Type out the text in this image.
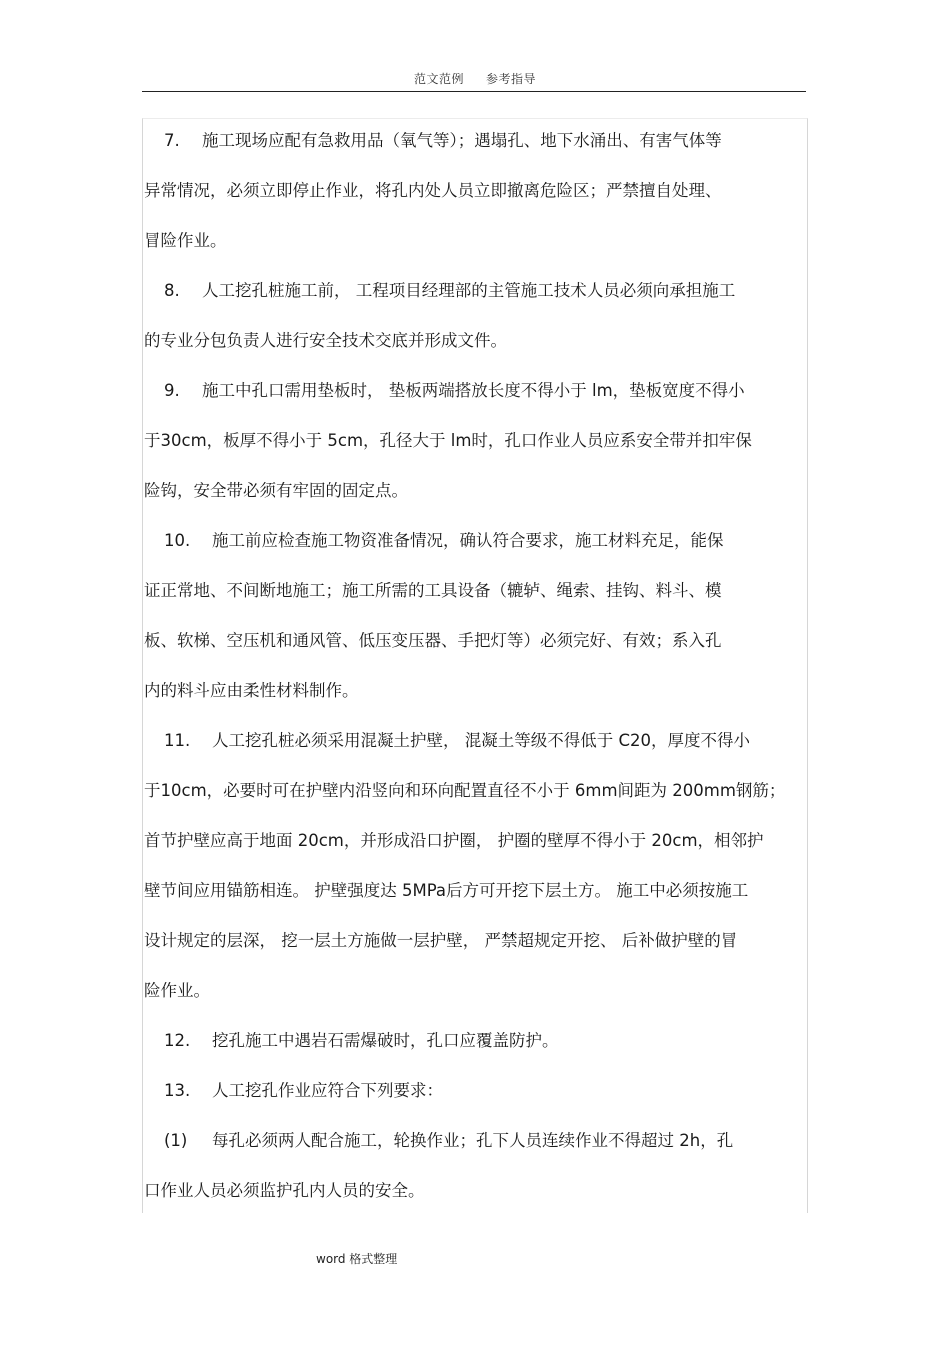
范文范例 参考指导
7. 施工现场应配有急救用品（氧气等）；遇塌孔、地下水涌出、有害气体等
异常情况，必须立即停止作业，将孔内处人员立即撤离危险区；严禁擅自处理、
冒险作业。
8. 人工挖孔桩施工前， 工程项目经理部的主管施工技术人员必须向承担施工
的专业分包负责人进行安全技术交底并形成文件。
9. 施工中孔口需用垫板时， 垫板两端搭放长度不得小于 lm，垫板宽度不得小
于30cm，板厚不得小于 5cm，孔径大于 lm时，孔口作业人员应系安全带并扣牢保
险钩，安全带必须有牢固的固定点。
10. 施工前应检查施工物资准备情况，确认符合要求，施工材料充足，能保
证正常地、不间断地施工；施工所需的工具设备（辘轳、绳索、挂钩、料斗、模
板、软梯、空压机和通风管、低压变压器、手把灯等）必须完好、有效；系入孔
内的料斗应由柔性材料制作。
11. 人工挖孔桩必须采用混凝土护壁， 混凝土等级不得低于 C20，厚度不得小
于10cm，必要时可在护壁内沿竖向和环向配置直径不小于 6mm间距为 200mm钢筋；
首节护壁应高于地面 20cm，并形成沿口护圈， 护圈的壁厚不得小于 20cm，相邻护
壁节间应用锚筋相连。 护壁强度达 5MPa后方可开挖下层土方。 施工中必须按施工
设计规定的层深， 挖一层土方施做一层护壁， 严禁超规定开挖、 后补做护壁的冒
险作业。
12. 挖孔施工中遇岩石需爆破时，孔口应覆盖防护。
13. 人工挖孔作业应符合下列要求：
(1) 每孔必须两人配合施工，轮换作业；孔下人员连续作业不得超过 2h，孔
口作业人员必须监护孔内人员的安全。
word 格式整理
